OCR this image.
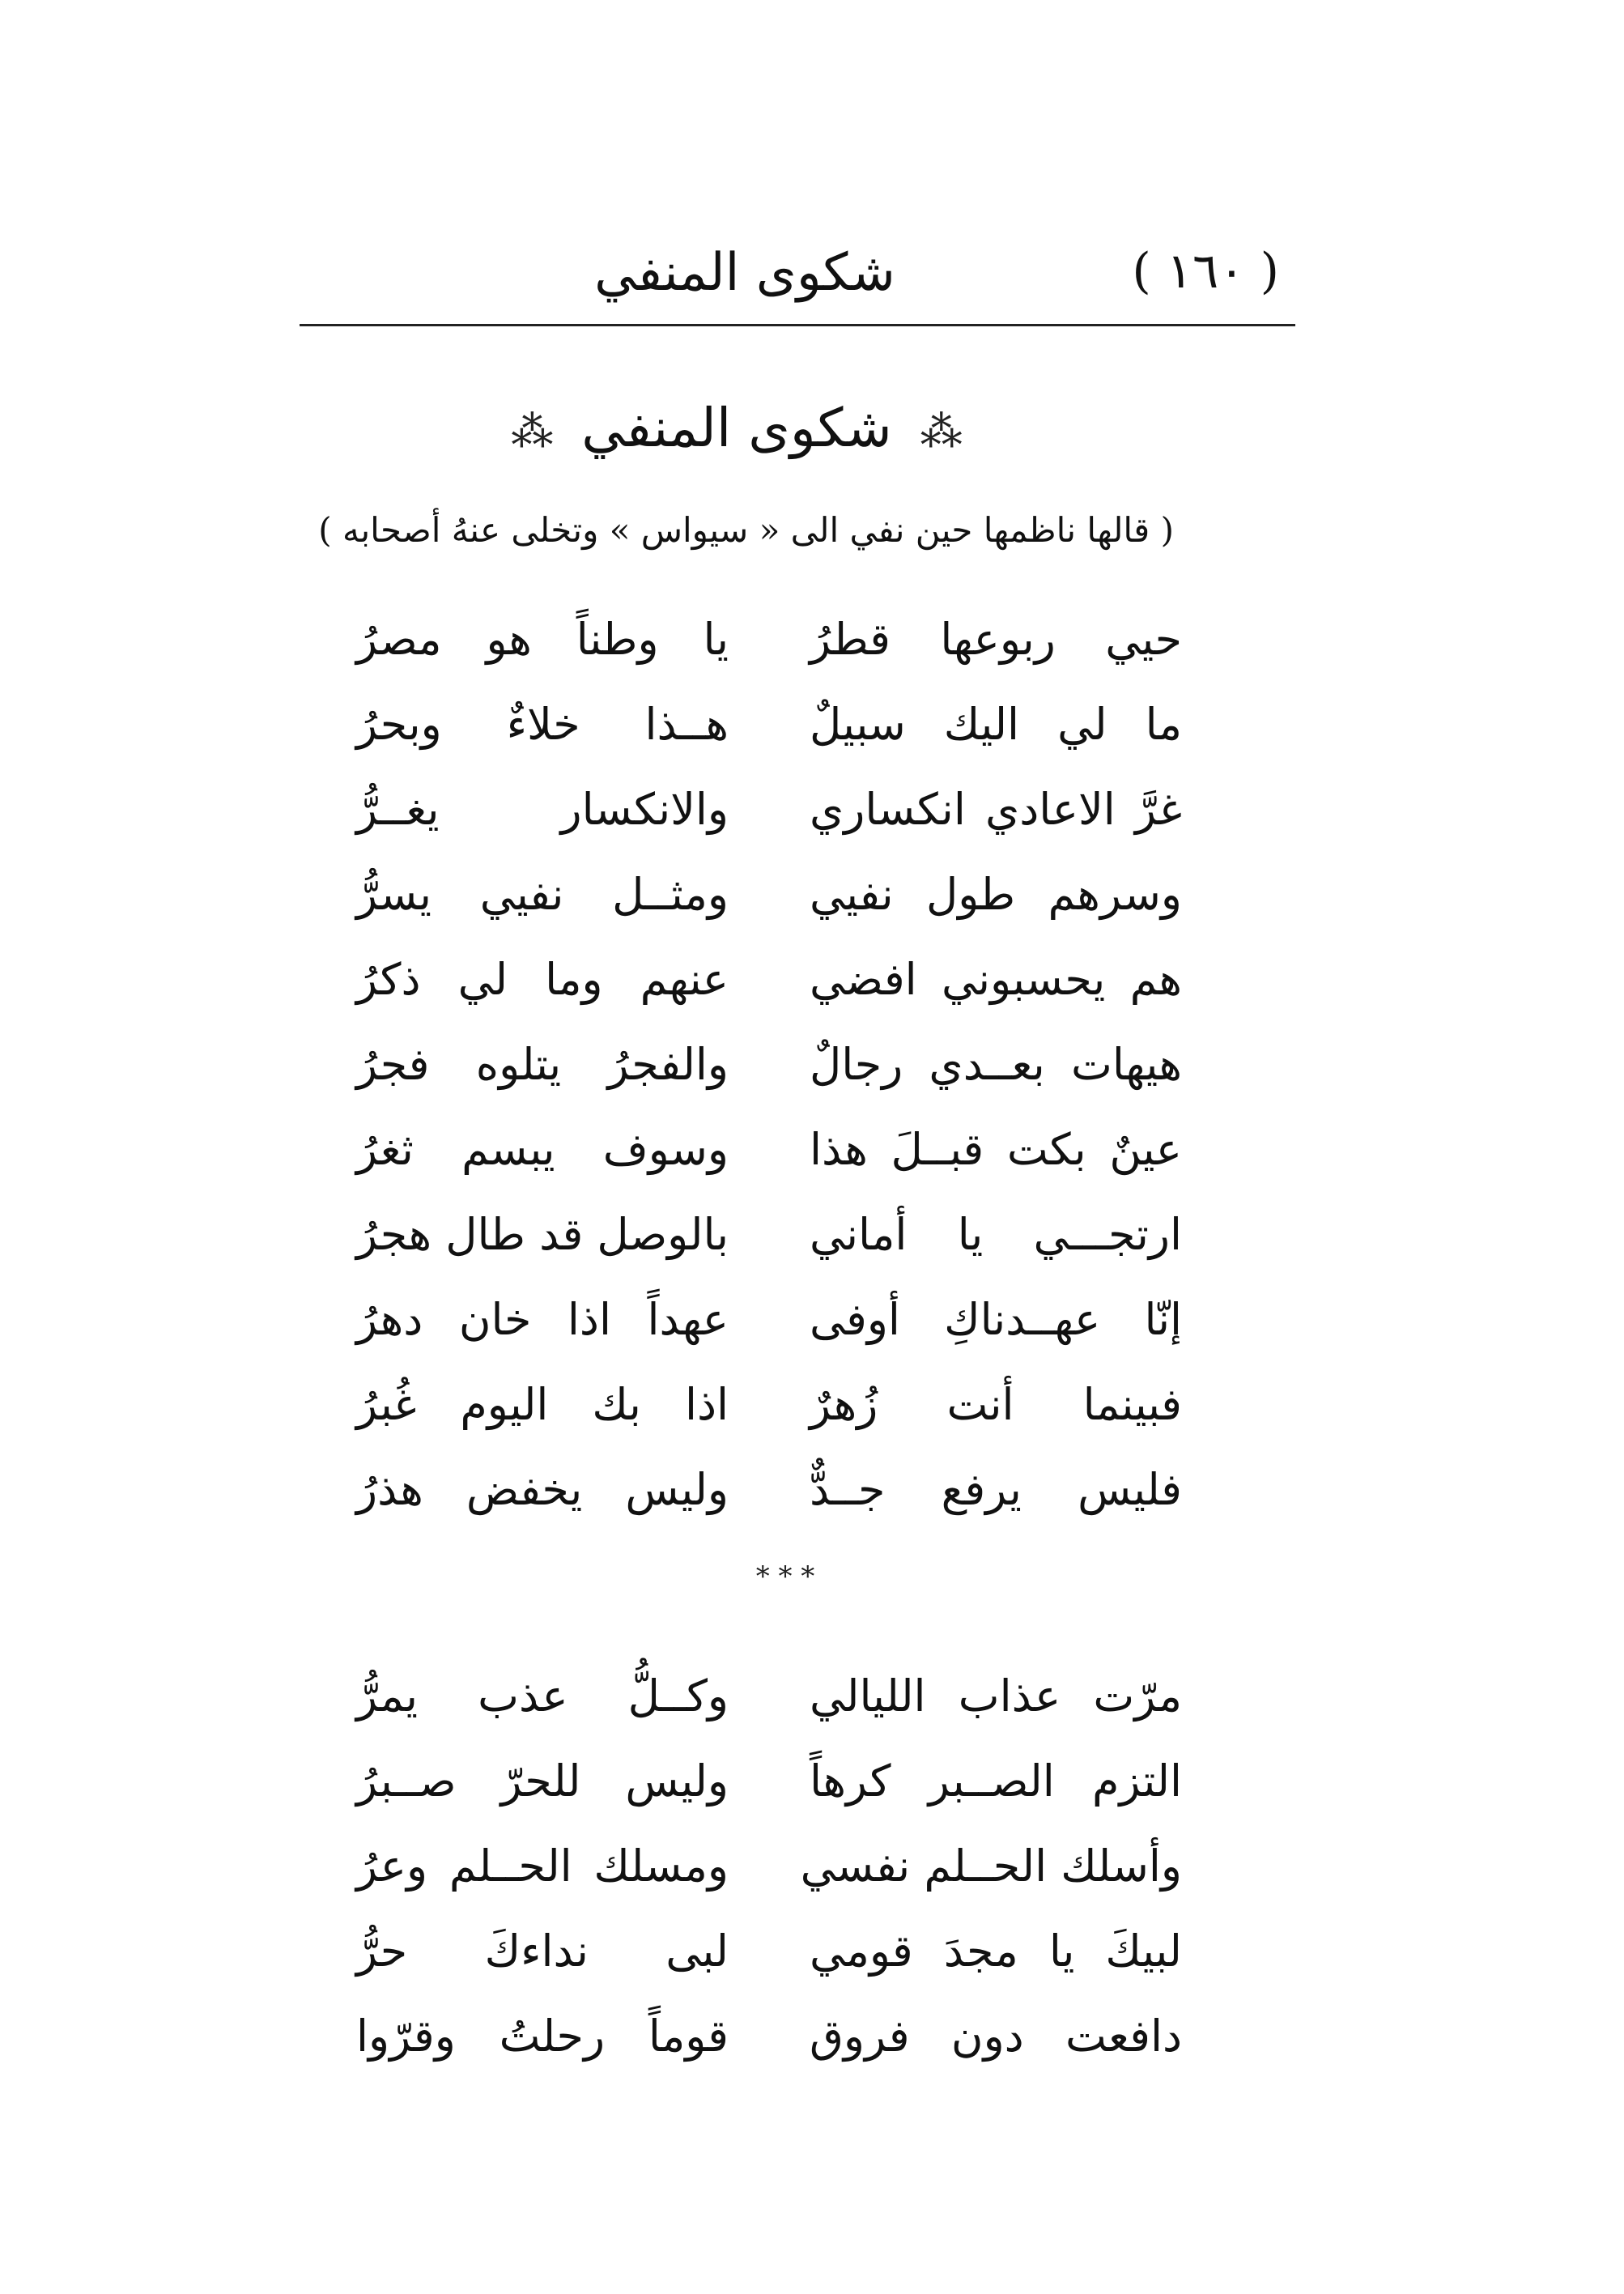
شكوى المنفي	( ١٦٠ )
⁂ شكوى المنفي ⁂
( قالها ناظمها حين نفي الى « سيواس » وتخلى عنهُ أصحابه )
حيي ربوعها قطرُ
يا وطناً هو مصرُ
ما لي اليك سبيلٌ
هــذا خلاءٌ وبحرُ
غرَّ الاعادي انكساري
والانكسار يغــرُّ
وسرهم طول نفيي
ومثــل نفيي يسرُّ
هم يحسبوني افضي
عنهم وما لي ذكرُ
هيهات بعــدي رجالٌ
والفجرُ يتلوه فجرُ
عينٌ بكت قبــلَ هذا
وسوف يبسم ثغرُ
ارتجـــي يا أماني
بالوصل قد طال هجرُ
إنّا عهــدناكِ أوفى
عهداً اذا خان دهرُ
فبينما أنت زُهرٌ
اذا بك اليوم غُبرُ
فليس يرفع جــدٌّ
وليس يخفض هذرُ
* * *
مرّت عذاب الليالي
وكــلُّ عذب يمرُّ
التزم الصــبر كرهاً
وليس للحرّ صــبرُ
وأسلك الحــلم نفسي
ومسلك الحــلم وعرُ
لبيكَ يا مجدَ قومي
لبى نداءكَ حرُّ
دافعت دون فروق
قوماً رحلتُ وقرّوا
